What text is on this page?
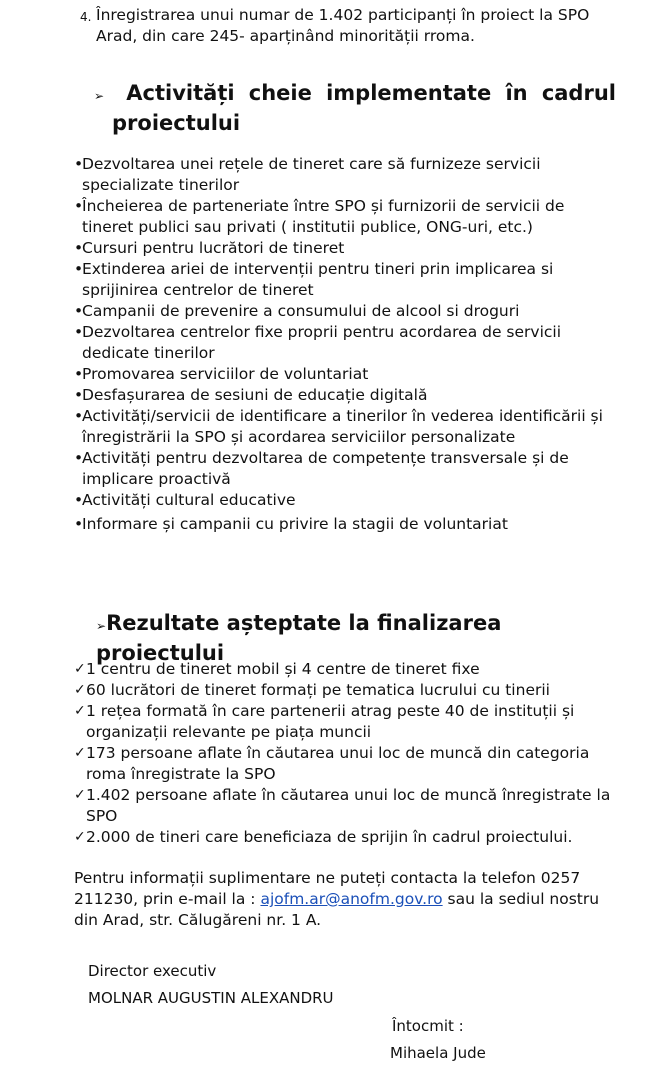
4. Înregistrarea unui numar de 1.402 participanți în proiect la SPO Arad, din care 245- aparținând minorității rroma.
➢ Activități cheie implementate în cadrul
proiectului
•
Dezvoltarea unei rețele de tineret care să furnizeze servicii specializate tinerilor
•
Încheierea de parteneriate între SPO și furnizorii de servicii de tineret publici sau privati ( institutii publice, ONG-uri, etc.)
•
Cursuri pentru lucrători de tineret
•
Extinderea ariei de intervenții pentru tineri prin implicarea si sprijinirea centrelor de tineret
•
Campanii de prevenire a consumului de alcool si droguri
•
Dezvoltarea centrelor fixe proprii pentru acordarea de servicii dedicate tinerilor
•
Promovarea serviciilor de voluntariat
•
Desfașurarea de sesiuni de educație digitală
•
Activități/servicii de identificare a tinerilor în vederea identificării și înregistrării la SPO și acordarea serviciilor personalizate
•
Activități pentru dezvoltarea de competențe transversale și de implicare proactivă
•
Activități cultural educative
•
Informare și campanii cu privire la stagii de voluntariat
➢Rezultate așteptate la finalizarea proiectului
✓ 1 centru de tineret mobil și 4 centre de tineret fixe
✓ 60 lucrători de tineret formați pe tematica lucrului cu tinerii
✓ 1 rețea formată în care partenerii atrag peste 40 de instituții și organizații relevante pe piața muncii
✓ 173 persoane aflate în căutarea unui loc de muncă din categoria roma înregistrate la SPO
✓ 1.402 persoane aflate în căutarea unui loc de muncă înregistrate la SPO
✓ 2.000 de tineri care beneficiaza de sprijin în cadrul proiectului.

Pentru informații suplimentare ne puteți contacta la telefon 0257 211230, prin e-mail la : ajofm.ar@anofm.gov.ro sau la sediul nostru din Arad, str. Călugăreni nr. 1 A.

Director executiv
MOLNAR AUGUSTIN ALEXANDRU
Întocmit :
Mihaela Jude
